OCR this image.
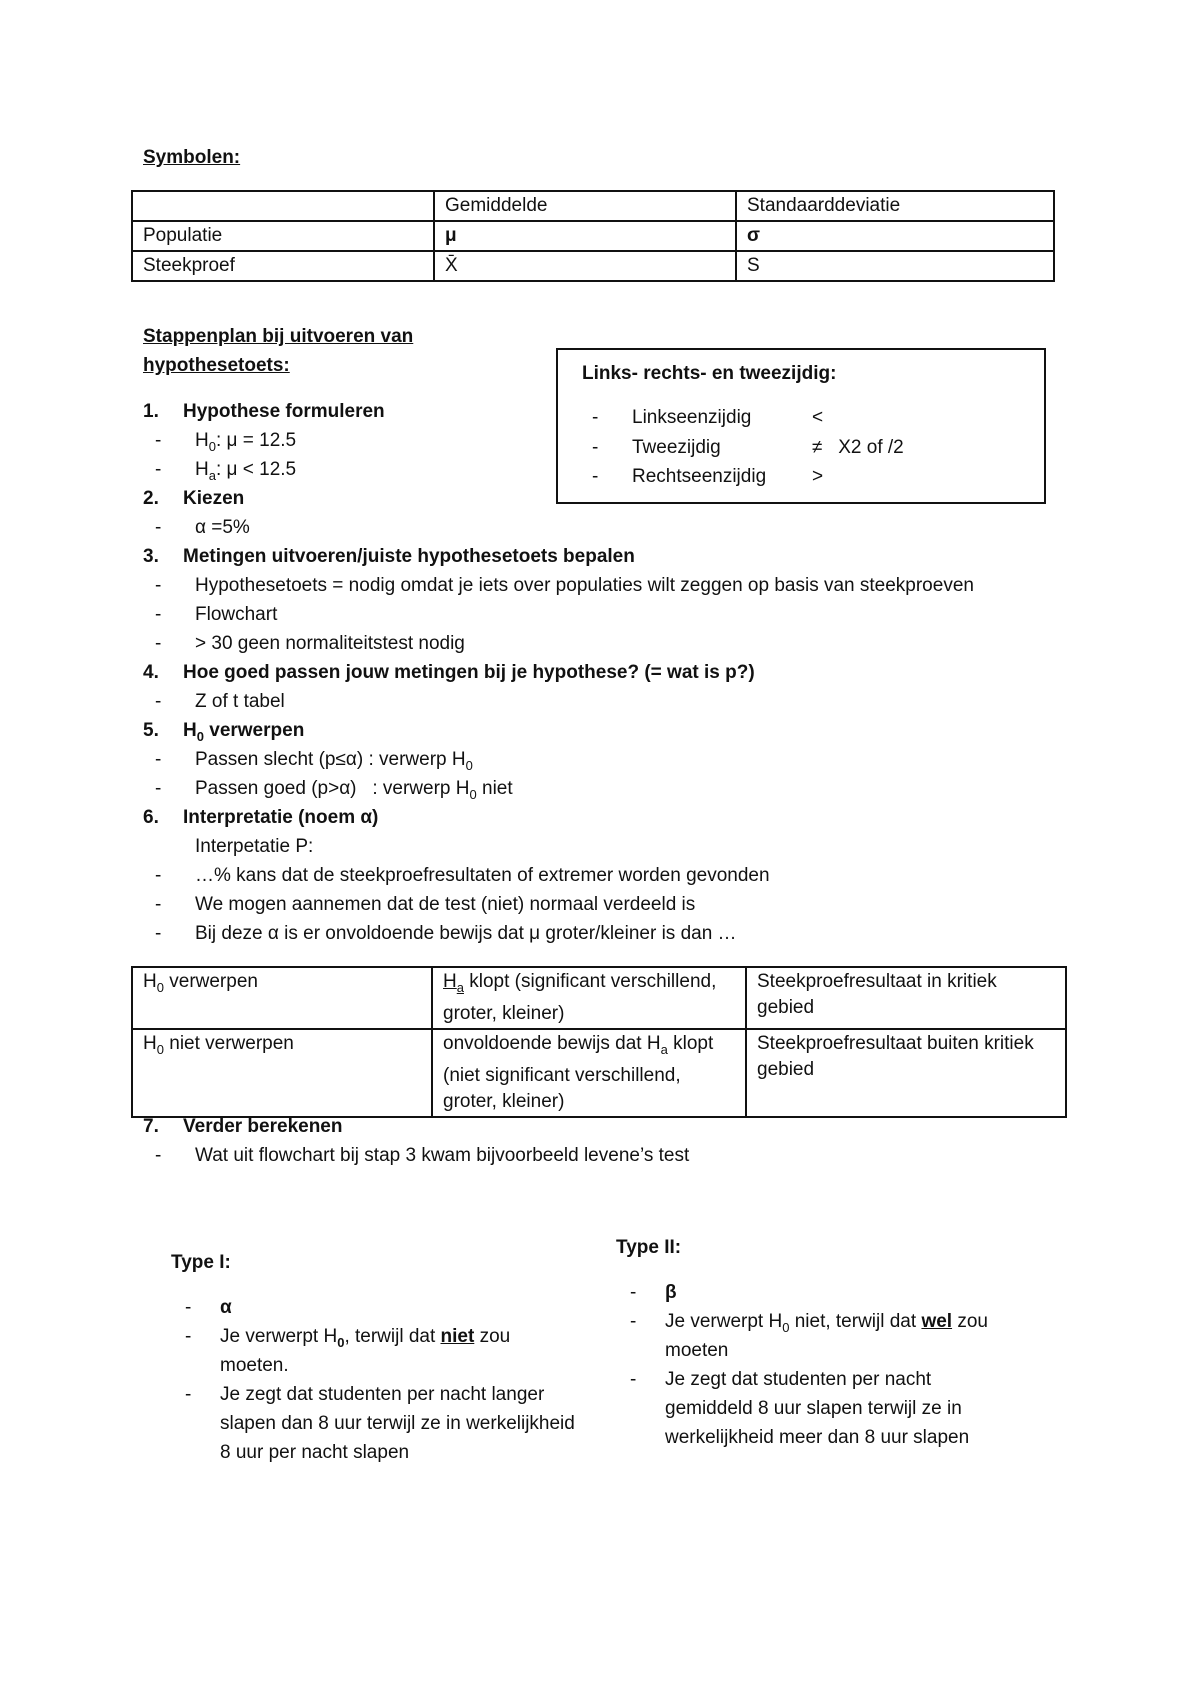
Symbolen:
	Gemiddelde	Standaarddeviatie
Populatie	μ	σ
Steekproef	X̄	S
Stappenplan bij uitvoeren van
hypothesetoets:	Links- rechts- en tweezijdig:
- Linkseenzijdig	<
- Tweezijdig	≠   X2 of /2
- Rechtseenzijdig >
1. Hypothese formuleren
- $H_0$: μ = 12.5
- $H_a$: μ < 12.5
2. Kiezen
- α =5%
3. Metingen uitvoeren/juiste hypothesetoets bepalen
- Hypothesetoets = nodig omdat je iets over populaties wilt zeggen op basis van steekproeven
- Flowchart
- > 30 geen normaliteitstest nodig
4. Hoe goed passen jouw metingen bij je hypothese? (= wat is p?)
- Z of t tabel
5. $H_0$ verwerpen
- Passen slecht (p≤α) : verwerp $H_0$
- Passen goed (p>α)   : verwerp $H_0$ niet
6. Interpretatie (noem α)
Interpetatie P:
- …% kans dat de steekproefresultaten of extremer worden gevonden
- We mogen aannemen dat de test (niet) normaal verdeeld is
- Bij deze α is er onvoldoende bewijs dat μ groter/kleiner is dan …
$H_0$ verwerpen	$H_a$ klopt (significant verschillend, groter, kleiner)	Steekproefresultaat in kritiek gebied
$H_0$ niet verwerpen	onvoldoende bewijs dat $H_a$ klopt (niet significant verschillend, groter, kleiner)	Steekproefresultaat buiten kritiek gebied
7. Verder berekenen
- Wat uit flowchart bij stap 3 kwam bijvoorbeeld levene’s test
Type I:
- α
- Je verwerpt $H_0$, terwijl dat niet zou
moeten.
- Je zegt dat studenten per nacht langer
slapen dan 8 uur terwijl ze in werkelijkheid
8 uur per nacht slapen
Type II:
- β
- Je verwerpt $H_0$ niet, terwijl dat wel zou
moeten
- Je zegt dat studenten per nacht
gemiddeld 8 uur slapen terwijl ze in
werkelijkheid meer dan 8 uur slapen
